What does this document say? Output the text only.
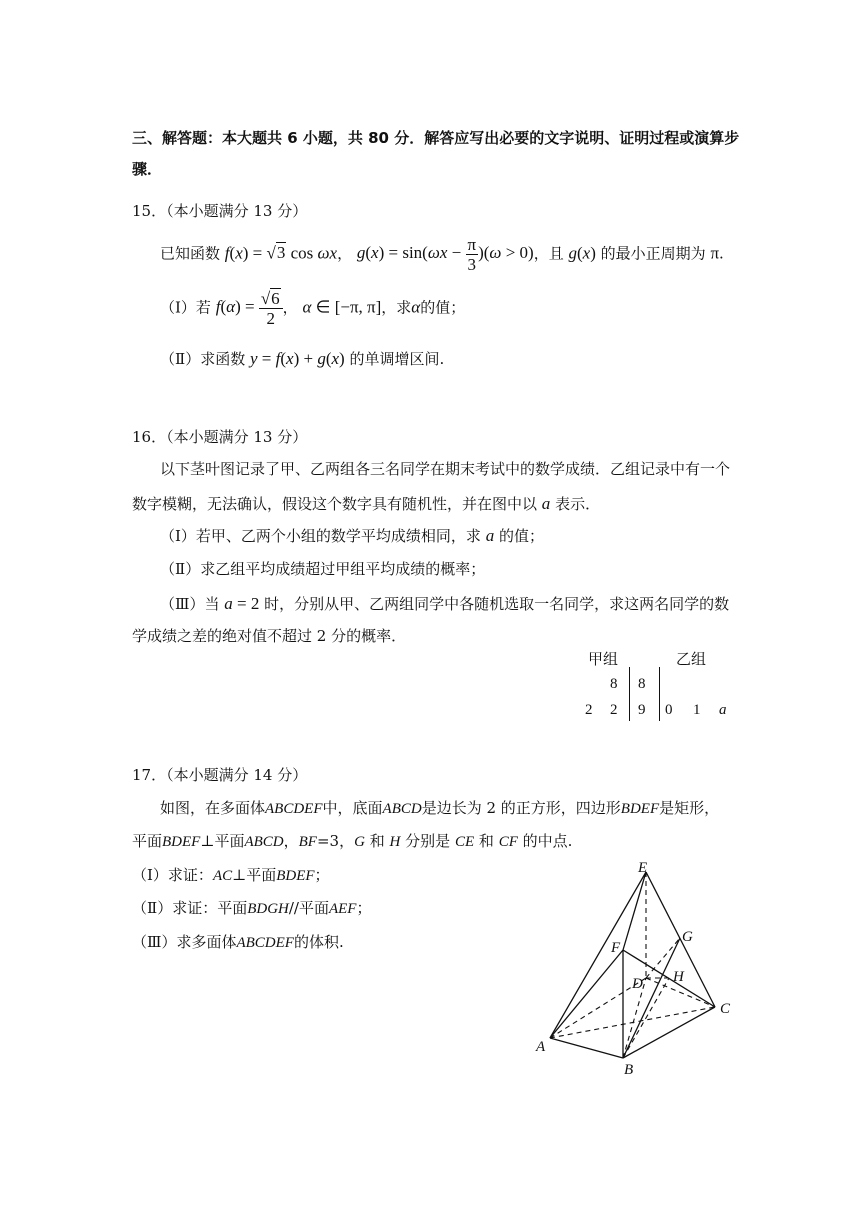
三、解答题：本大题共 6 小题，共 80 分．解答应写出必要的文字说明、证明过程或演算步
骤．
15．（本小题满分 13 分）
已知函数 f(x) = √3 cos ωx， $g(x) = \sin(\omega x - \frac{\pi}{3} )(\omega > 0)$，且 g(x) 的最小正周期为 π.
（Ⅰ）若 $f(\alpha) = \frac{√6}{2}$ ， α ∈ [−π, π]，求α的值；
（Ⅱ）求函数 y = f(x) + g(x) 的单调增区间.
16．（本小题满分 13 分）
以下茎叶图记录了甲、乙两组各三名同学在期末考试中的数学成绩．乙组记录中有一个
数字模糊，无法确认，假设这个数字具有随机性，并在图中以 a 表示．
（Ⅰ）若甲、乙两个小组的数学平均成绩相同，求 a 的值；
（Ⅱ）求乙组平均成绩超过甲组平均成绩的概率；
（Ⅲ）当 a = 2 时，分别从甲、乙两组同学中各随机选取一名同学，求这两名同学的数
学成绩之差的绝对值不超过 2 分的概率．
甲组	乙组
8 8
2 2 9 0 1 a
17．（本小题满分 14 分）
如图，在多面体ABCDEF中，底面ABCD是边长为 2 的正方形，四边形BDEF是矩形，
平面BDEF⊥平面ABCD，BF=3，G 和 H 分别是 CE 和 CF 的中点.
（Ⅰ）求证：AC⊥平面BDEF；
（Ⅱ）求证：平面BDGH//平面AEF；
（Ⅲ）求多面体ABCDEF的体积.
E
F
G
H
D
C
A
B
